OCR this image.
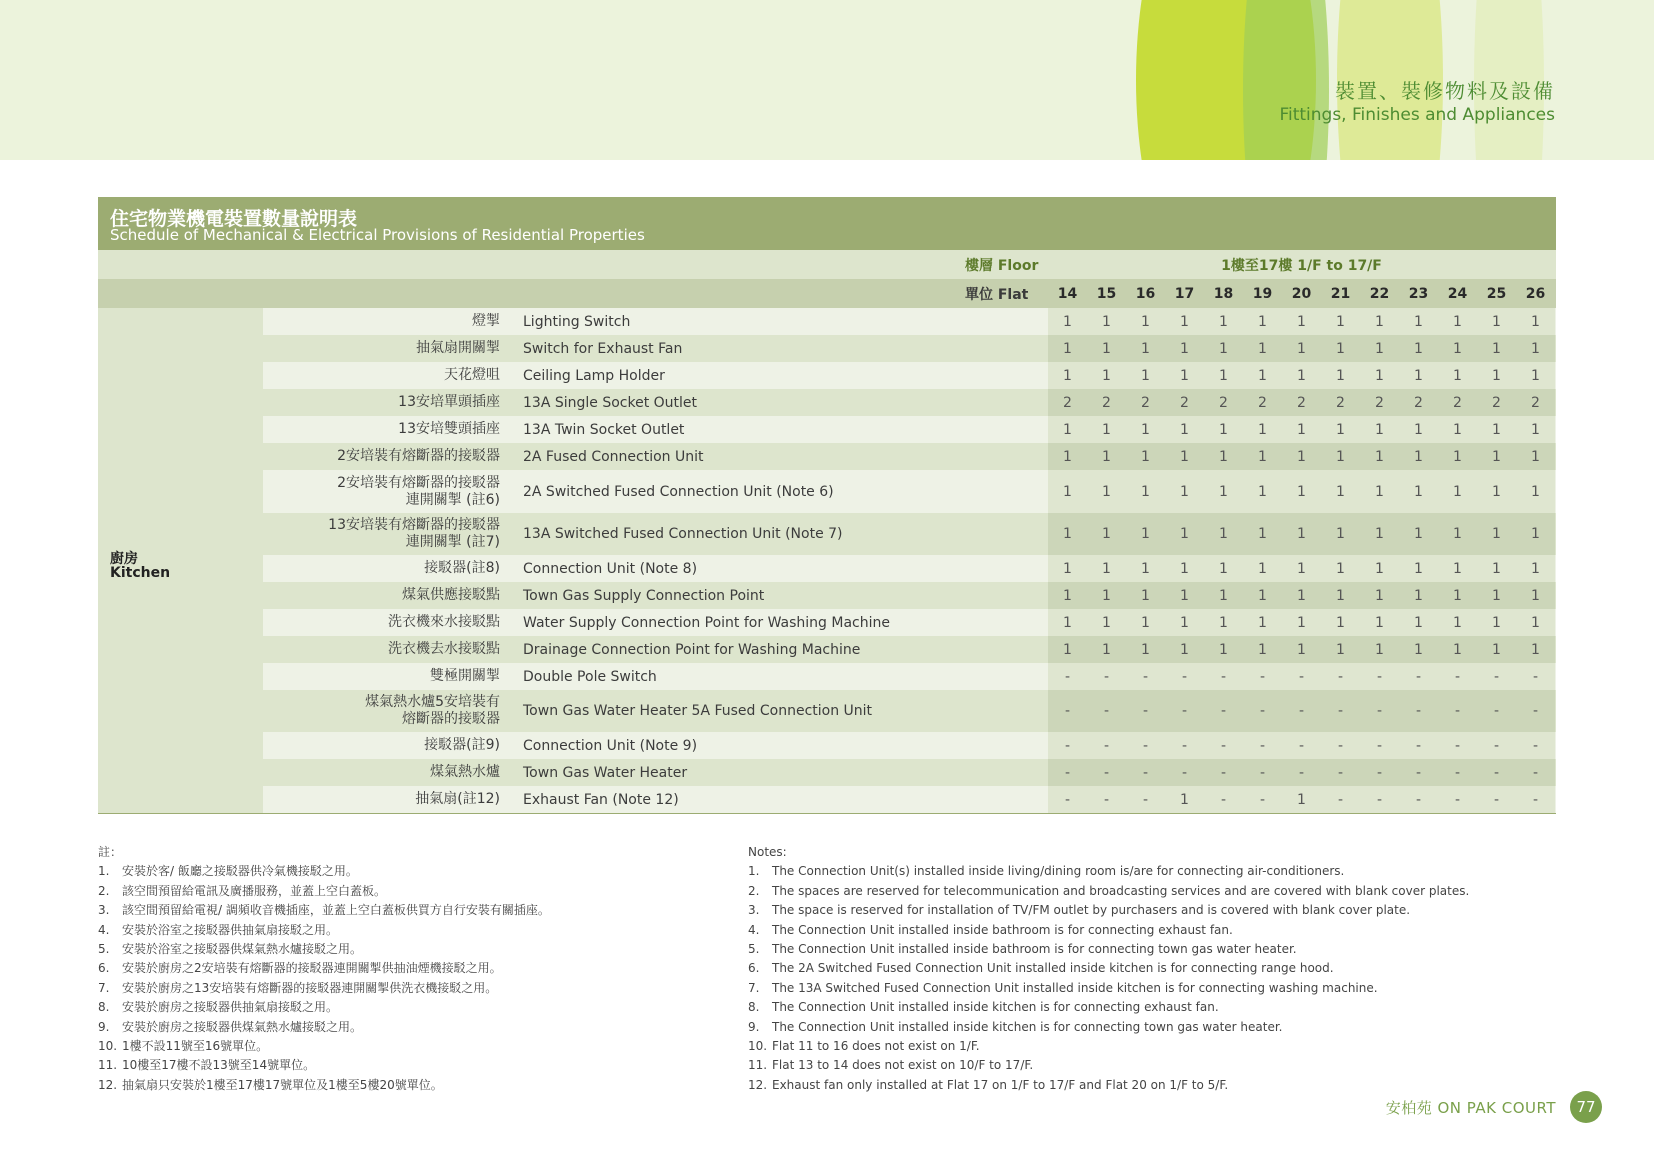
裝置、裝修物料及設備
Fittings, Finishes and Appliances
住宅物業機電裝置數量說明表
Schedule of Mechanical & Electrical Provisions of Residential Properties
樓層 Floor	1樓至17樓 1/F to 17/F
單位 Flat	14	15	16	17	18	19	20	21	22	23	24	25	26
燈掣 Lighting Switch	1	1	1	1	1	1	1	1	1	1	1	1	1
抽氣扇開關掣 Switch for Exhaust Fan	1	1	1	1	1	1	1	1	1	1	1	1	1
天花燈咀 Ceiling Lamp Holder	1	1	1	1	1	1	1	1	1	1	1	1	1
13安培單頭插座 13A Single Socket Outlet	2	2	2	2	2	2	2	2	2	2	2	2	2
13安培雙頭插座 13A Twin Socket Outlet	1	1	1	1	1	1	1	1	1	1	1	1	1
2安培裝有熔斷器的接駁器 2A Fused Connection Unit	1	1	1	1	1	1	1	1	1	1	1	1	1
2安培裝有熔斷器的接駁器
連開關掣 (註6) 2A Switched Fused Connection Unit (Note 6)	1	1	1	1	1	1	1	1	1	1	1	1	1
13安培裝有熔斷器的接駁器
連開關掣 (註7) 13A Switched Fused Connection Unit (Note 7)	1	1	1	1	1	1	1	1	1	1	1	1	1
接駁器(註8) Connection Unit (Note 8)	1	1	1	1	1	1	1	1	1	1	1	1	1
煤氣供應接駁點 Town Gas Supply Connection Point	1	1	1	1	1	1	1	1	1	1	1	1	1
洗衣機來水接駁點 Water Supply Connection Point for Washing Machine	1	1	1	1	1	1	1	1	1	1	1	1	1
洗衣機去水接駁點 Drainage Connection Point for Washing Machine	1	1	1	1	1	1	1	1	1	1	1	1	1
雙極開關掣 Double Pole Switch	-	-	-	-	-	-	-	-	-	-	-	-	-
煤氣熱水爐5安培裝有
熔斷器的接駁器 Town Gas Water Heater 5A Fused Connection Unit	-	-	-	-	-	-	-	-	-	-	-	-	-
接駁器(註9) Connection Unit (Note 9)	-	-	-	-	-	-	-	-	-	-	-	-	-
煤氣熱水爐 Town Gas Water Heater	-	-	-	-	-	-	-	-	-	-	-	-	-
抽氣扇(註12) Exhaust Fan (Note 12)	-	-	-	1	-	-	1	-	-	-	-	-	-
註：
1. 安裝於客/ 飯廳之接駁器供冷氣機接駁之用。
2. 該空間預留給電訊及廣播服務，並蓋上空白蓋板。
3. 該空間預留給電視/ 調頻收音機插座，並蓋上空白蓋板供買方自行安裝有關插座。
4. 安裝於浴室之接駁器供抽氣扇接駁之用。
5. 安裝於浴室之接駁器供煤氣熱水爐接駁之用。
6. 安裝於廚房之2安培裝有熔斷器的接駁器連開關掣供抽油煙機接駁之用。
7. 安裝於廚房之13安培裝有熔斷器的接駁器連開關掣供洗衣機接駁之用。
8. 安裝於廚房之接駁器供抽氣扇接駁之用。
9. 安裝於廚房之接駁器供煤氣熱水爐接駁之用。
10. 1樓不設11號至16號單位。
11. 10樓至17樓不設13號至14號單位。
12. 抽氣扇只安裝於1樓至17樓17號單位及1樓至5樓20號單位。
Notes:
1. The Connection Unit(s) installed inside living/dining room is/are for connecting air-conditioners.
2. The spaces are reserved for telecommunication and broadcasting services and are covered with blank cover plates.
3. The space is reserved for installation of TV/FM outlet by purchasers and is covered with blank cover plate.
4. The Connection Unit installed inside bathroom is for connecting exhaust fan.
5. The Connection Unit installed inside bathroom is for connecting town gas water heater.
6. The 2A Switched Fused Connection Unit installed inside kitchen is for connecting range hood.
7. The 13A Switched Fused Connection Unit installed inside kitchen is for connecting washing machine.
8. The Connection Unit installed inside kitchen is for connecting exhaust fan.
9. The Connection Unit installed inside kitchen is for connecting town gas water heater.
10. Flat 11 to 16 does not exist on 1/F.
11. Flat 13 to 14 does not exist on 10/F to 17/F.
12. Exhaust fan only installed at Flat 17 on 1/F to 17/F and Flat 20 on 1/F to 5/F.
安柏苑 ON PAK COURT	77
廚房
Kitchen
